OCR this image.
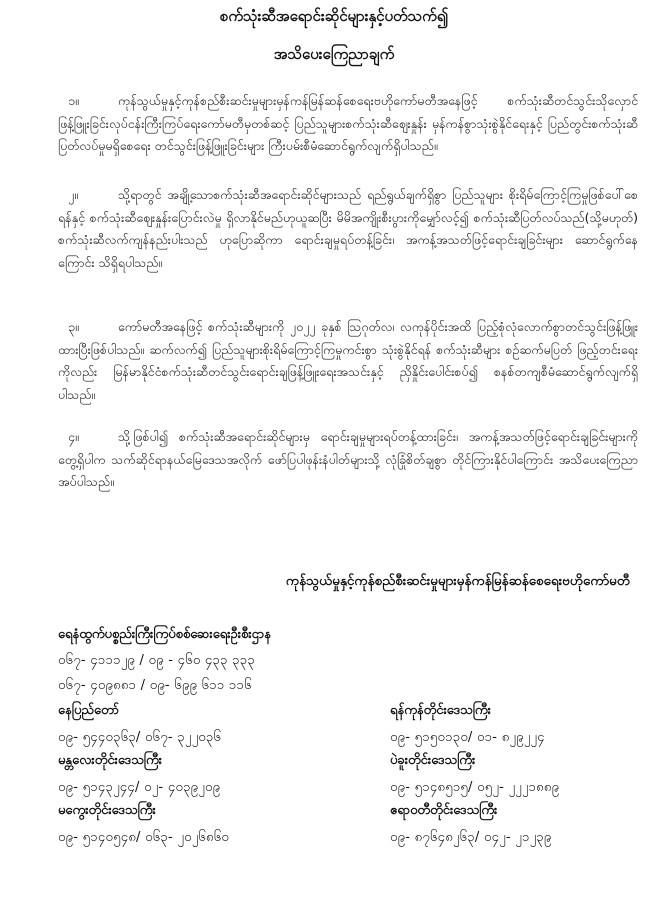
စက်သုံးဆီအရောင်းဆိုင်များနှင့်ပတ်သက်၍
အသိပေးကြေညာချက်
၁။	ကုန်သွယ်မှုနှင့်ကုန်စည်စီးဆင်းမှုများမှန်ကန်မြန်ဆန်စေရေးဗဟိုကော်မတီအနေဖြင့် စက်သုံးဆီတင်သွင်းသိုလှောင်ဖြန့်ဖြူးခြင်းလုပ်ငန်းကြီးကြပ်ရေးကော်မတီမှတစ်ဆင့် ပြည်သူများစက်သုံးဆီဈေးနှုန်း မှန်ကန်စွာသုံးစွဲနိုင်ရေးနှင့် ပြည်တွင်းစက်သုံးဆီပြတ်လပ်မှုမရှိစေရေး တင်သွင်းဖြန့်ဖြူးခြင်းများ ကြီးပမ်းစီမံဆောင်ရွက်လျက်ရှိပါသည်။
၂။	သို့ရာတွင် အချို့သောစက်သုံးဆီအရောင်းဆိုင်များသည် ရည်ရွယ်ချက်ရှိစွာ ပြည်သူများ စိုးရိမ်ကြောင့်ကြမှုဖြစ်ပေါ်စေရန်နှင့် စက်သုံးဆီဈေးနှုန်းပြောင်းလဲမှု ရှိလာနိုင်မည်ဟုယူဆပြီး မိမိအကျိုးစီးပွားကိုမျှော်လင့်၍ စက်သုံးဆီပြတ်လပ်သည်(သို့မဟုတ်) စက်သုံးဆီလက်ကျန်နည်းပါးသည် ဟုပြောဆိုကာ ရောင်းချမှုရပ်တန့်ခြင်း၊ အကန့်အသတ်ဖြင့်ရောင်းချခြင်းများ ဆောင်ရွက်နေကြောင်း သိရှိရပါသည်။
၃။	ကော်မတီအနေဖြင့် စက်သုံးဆီများကို ၂၀၂၂ ခုနှစ် ဩဂုတ်လ၊ လကုန်ပိုင်းအထိ ပြည့်စုံလုံလောက်စွာတင်သွင်းဖြန့်ဖြူးထားပြီးဖြစ်ပါသည်။ ဆက်လက်၍ ပြည်သူများစိုးရိမ်ကြောင့်ကြမှုကင်းစွာ သုံးစွဲနိုင်ရန် စက်သုံးဆီများ စဉ်ဆက်မပြတ် ဖြည့်တင်းရေးကိုလည်း မြန်မာနိုင်ငံစက်သုံးဆီတင်သွင်းရောင်းချဖြန့်ဖြူးရေးအသင်းနှင့် ညှိနှိုင်းပေါင်းစပ်၍ စနစ်တကျစီမံဆောင်ရွက်လျက်ရှိပါသည်။
၄။	သို့ဖြစ်ပါ၍ စက်သုံးဆီအရောင်းဆိုင်များမှ ရောင်းချမှုများရပ်တန့်ထားခြင်း၊ အကန့်အသတ်ဖြင့်ရောင်းချခြင်းများကို တွေ့ရှိပါက သက်ဆိုင်ရာနယ်မြေဒေသအလိုက် ဖော်ပြပါဖုန်းနံပါတ်များသို့ လုံခြုံစိတ်ချစွာ တိုင်ကြားနိုင်ပါကြောင်း အသိပေးကြေညာအပ်ပါသည်။
ကုန်သွယ်မှုနှင့်ကုန်စည်စီးဆင်းမှုများမှန်ကန်မြန်ဆန်စေရေးဗဟိုကော်မတီ
ရေနံထွက်ပစ္စည်းကြီးကြပ်စစ်ဆေးရေးဦးစီးဌာန
၀၆၇- ၄၁၁၁၂၉ / ၀၉ - ၄၆၀ ၄၃၃ ၃၃၃
၀၆၇- ၄၀၉၈၈၁ / ၀၉- ၆၉၉ ၆၁၁ ၁၁၆
နေပြည်တော်
၀၉- ၅၄၄၀၃၆၃/ ၀၆၇- ၃၂၂၀၃၆
ရန်ကုန်တိုင်းဒေသကြီး
၀၉- ၅၁၅၀၁၃၀/ ၀၁- ၈၂၉၂၂၄
မန္တလေးတိုင်းဒေသကြီး
၀၉- ၅၁၄၃၂၄၄/ ၀၂- ၄၀၃၉၂၀၉
ပဲခူးတိုင်းဒေသကြီး
၀၉- ၅၁၄၈၅၁၅/ ၀၅၂- ၂၂၂၁၈၈၉
မကွေးတိုင်းဒေသကြီး
၀၉- ၅၁၄၀၅၄၈/ ၀၆၃- ၂၀၂၆၈၆၀
ဧရာဝတီတိုင်းဒေသကြီး
၀၉- ၈၇၆၄၈၂၆၃/ ၀၄၂- ၂၁၂၃၉
